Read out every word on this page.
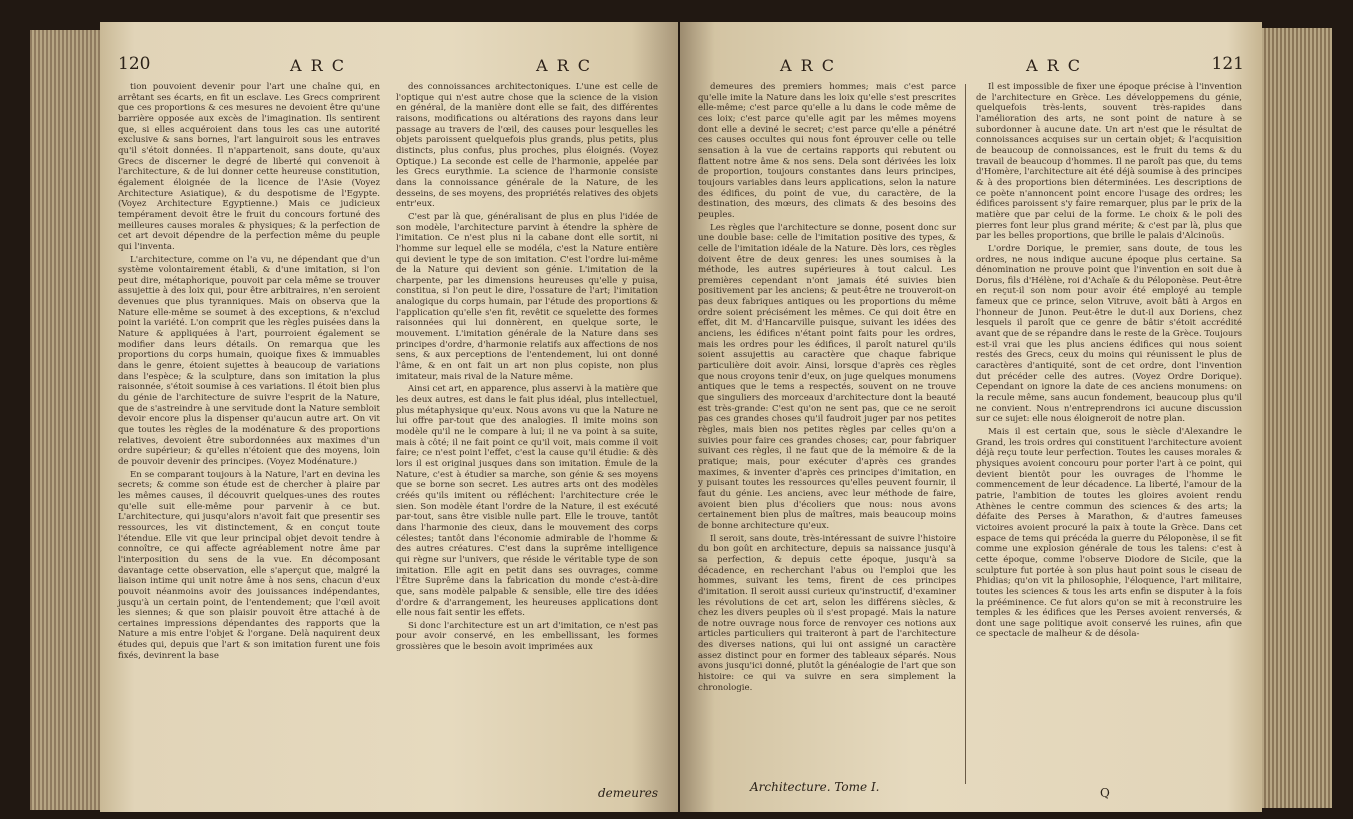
120	A R C	A R C

tion pouvoient devenir pour l'art une chaîne qui, en arrêtant ses écarts, en fit un esclave. Les Grecs comprirent que ces proportions & ces mesures ne devoient être qu'une barrière opposée aux excès de l'imagination. Ils sentirent que, si elles acquéroient dans tous les cas une autorité exclusive & sans bornes, l'art languiroit sous les entraves qu'il s'étoit données. Il n'appartenoit, sans doute, qu'aux Grecs de discerner le degré de liberté qui convenoit à l'architecture, & de lui donner cette heureuse constitution, également éloignée de la licence de l'Asie (Voyez Architecture Asiatique), & du despotisme de l'Egypte. (Voyez Architecture Egyptienne.) Mais ce judicieux tempérament devoit être le fruit du concours fortuné des meilleures causes morales & physiques; & la perfection de cet art devoit dépendre de la perfection même du peuple qui l'inventa.

L'architecture, comme on l'a vu, ne dépendant que d'un système volontairement établi, & d'une imitation, si l'on peut dire, métaphorique, pouvoit par cela même se trouver assujettie à des loix qui, pour être arbitraires, n'en seroient devenues que plus tyranniques. Mais on observa que la Nature elle-même se soumet à des exceptions, & n'exclud point la variété. L'on comprit que les règles puisées dans la Nature & appliquées à l'art, pourroient également se modifier dans leurs détails. On remarqua que les proportions du corps humain, quoique fixes & immuables dans le genre, étoient sujettes à beaucoup de variations dans l'espèce; & la sculpture, dans son imitation la plus raisonnée, s'étoit soumise à ces variations. Il étoit bien plus du génie de l'architecture de suivre l'esprit de la Nature, que de s'astreindre à une servitude dont la Nature sembloit devoir encore plus la dispenser qu'aucun autre art. On vit que toutes les règles de la modénature & des proportions relatives, devoient être subordonnées aux maximes d'un ordre supérieur; & qu'elles n'étoient que des moyens, loin de pouvoir devenir des principes. (Voyez Modénature.)

En se comparant toujours à la Nature, l'art en devina les secrets; & comme son étude est de chercher à plaire par les mêmes causes, il découvrit quelques-unes des routes qu'elle suit elle-même pour parvenir à ce but. L'architecture, qui jusqu'alors n'avoit fait que presentir ses ressources, les vit distinctement, & en conçut toute l'étendue. Elle vit que leur principal objet devoit tendre à connoître, ce qui affecte agréablement notre âme par l'interposition du sens de la vue. En décomposant davantage cette observation, elle s'aperçut que, malgré la liaison intime qui unit notre âme à nos sens, chacun d'eux pouvoit néanmoins avoir des jouissances indépendantes, jusqu'à un certain point, de l'entendement; que l'œil avoit les siennes; & que son plaisir pouvoit être attaché à de certaines impressions dépendantes des rapports que la Nature a mis entre l'objet & l'organe. Delà naquirent deux études qui, depuis que l'art & son imitation furent une fois fixés, devinrent la base

des connoissances architectoniques. L'une est celle de l'optique qui n'est autre chose que la science de la vision en général, de la manière dont elle se fait, des différentes raisons, modifications ou altérations des rayons dans leur passage au travers de l'œil, des causes pour lesquelles les objets paroissent quelquefois plus grands, plus petits, plus distincts, plus confus, plus proches, plus éloignés. (Voyez Optique.) La seconde est celle de l'harmonie, appelée par les Grecs eurythmie. La science de l'harmonie consiste dans la connoissance générale de la Nature, de les desseins, de ses moyens, des propriétés relatives des objets entr'eux.

C'est par là que, généralisant de plus en plus l'idée de son modèle, l'architecture parvint à étendre la sphère de l'imitation. Ce n'est plus ni la cabane dont elle sortit, ni l'homme sur lequel elle se modéla, c'est la Nature entière qui devient le type de son imitation. C'est l'ordre lui-même de la Nature qui devient son génie. L'imitation de la charpente, par les dimensions heureuses qu'elle y puisa, constitua, si l'on peut le dire, l'ossature de l'art; l'imitation analogique du corps humain, par l'étude des proportions & l'application qu'elle s'en fit, revêtit ce squelette des formes raisonnées qui lui donnèrent, en quelque sorte, le mouvement. L'imitation générale de la Nature dans ses principes d'ordre, d'harmonie relatifs aux affections de nos sens, & aux perceptions de l'entendement, lui ont donné l'âme, & en ont fait un art non plus copiste, non plus imitateur, mais rival de la Nature même.

Ainsi cet art, en apparence, plus asservi à la matière que les deux autres, est dans le fait plus idéal, plus intellectuel, plus métaphysique qu'eux. Nous avons vu que la Nature ne lui offre par-tout que des analogies. Il imite moins son modèle qu'il ne le compare à lui; il ne va point à sa suite, mais à côté; il ne fait point ce qu'il voit, mais comme il voit faire; ce n'est point l'effet, c'est la cause qu'il étudie: & dès lors il est original jusques dans son imitation. Émule de la Nature, c'est à étudier sa marche, son génie & ses moyens que se borne son secret. Les autres arts ont des modèles créés qu'ils imitent ou réfléchent: l'architecture crée le sien. Son modèle étant l'ordre de la Nature, il est exécuté par-tout, sans être visible nulle part. Elle le trouve, tantôt dans l'harmonie des cieux, dans le mouvement des corps célestes; tantôt dans l'économie admirable de l'homme & des autres créatures. C'est dans la suprême intelligence qui règne sur l'univers, que réside le véritable type de son imitation. Elle agit en petit dans ses ouvrages, comme l'Être Suprême dans la fabrication du monde c'est-à-dire que, sans modèle palpable & sensible, elle tire des idées d'ordre & d'arrangement, les heureuses applications dont elle nous fait sentir les effets.

Si donc l'architecture est un art d'imitation, ce n'est pas pour avoir conservé, en les embellissant, les formes grossières que le besoin avoit imprimées aux

demeures
A R C	A R C	121

demeures des premiers hommes; mais c'est parce qu'elle imite la Nature dans les loix qu'elle s'est prescrites elle-même; c'est parce qu'elle a lu dans le code même de ces loix; c'est parce qu'elle agit par les mêmes moyens dont elle a deviné le secret; c'est parce qu'elle a pénétré ces causes occultes qui nous font éprouver celle ou telle sensation à la vue de certains rapports qui rebutent ou flattent notre âme & nos sens. Dela sont dérivées les loix de proportion, toujours constantes dans leurs principes, toujours variables dans leurs applications, selon la nature des édifices, du point de vue, du caractère, de la destination, des mœurs, des climats & des besoins des peuples.

Les règles que l'architecture se donne, posent donc sur une double base: celle de l'imitation positive des types, & celle de l'imitation idéale de la Nature. Dès lors, ces règles doivent être de deux genres: les unes soumises à la méthode, les autres supérieures à tout calcul. Les premières cependant n'ont jamais été suivies bien positivement par les anciens; & peut-être ne trouveroit-on pas deux fabriques antiques ou les proportions du même ordre soient précisément les mêmes. Ce qui doit être en effet, dit M. d'Hancarville puisque, suivant les idées des anciens, les édifices n'étant point faits pour les ordres, mais les ordres pour les édifices, il paroît naturel qu'ils soient assujettis au caractère que chaque fabrique particulière doit avoir. Ainsi, lorsque d'après ces règles que nous croyons tenir d'eux, on juge quelques monumens antiques que le tems a respectés, souvent on ne trouve que singuliers des morceaux d'architecture dont la beauté est très-grande: C'est qu'on ne sent pas, que ce ne seroit pas ces grandes choses qu'il faudroit juger par nos petites règles, mais bien nos petites règles par celles qu'on a suivies pour faire ces grandes choses; car, pour fabriquer suivant ces règles, il ne faut que de la mémoire & de la pratique; mais, pour exécuter d'après ces grandes maximes, & inventer d'après ces principes d'imitation, en y puisant toutes les ressources qu'elles peuvent fournir, il faut du génie. Les anciens, avec leur méthode de faire, avoient bien plus d'écoliers que nous: nous avons certainement bien plus de maîtres, mais beaucoup moins de bonne architecture qu'eux.

Il seroit, sans doute, très-intéressant de suivre l'histoire du bon goût en architecture, depuis sa naissance jusqu'à sa perfection, & depuis cette époque, jusqu'à sa décadence, en recherchant l'abus ou l'emploi que les hommes, suivant les tems, firent de ces principes d'imitation. Il seroit aussi curieux qu'instructif, d'examiner les révolutions de cet art, selon les différens siècles, & chez les divers peuples où il s'est propagé. Mais la nature de notre ouvrage nous force de renvoyer ces notions aux articles particuliers qui traiteront à part de l'architecture des diverses nations, qui lui ont assigné un caractère assez distinct pour en former des tableaux séparés. Nous avons jusqu'ici donné, plutôt la généalogie de l'art que son histoire: ce qui va suivre en sera simplement la chronologie.

Il est impossible de fixer une époque précise à l'invention de l'architecture en Grèce. Les développemens du génie, quelquefois très-lents, souvent très-rapides dans l'amélioration des arts, ne sont point de nature à se subordonner à aucune date. Un art n'est que le résultat de connoissances acquises sur un certain objet; & l'acquisition de beaucoup de connoissances, est le fruit du tems & du travail de beaucoup d'hommes. Il ne paroît pas que, du tems d'Homère, l'architecture ait été déjà soumise à des principes & à des proportions bien déterminées. Les descriptions de ce poète n'annoncent point encore l'usage des ordres; les édifices paroissent s'y faire remarquer, plus par le prix de la matière que par celui de la forme. Le choix & le poli des pierres font leur plus grand mérite; & c'est par là, plus que par les belles proportions, que brille le palais d'Alcinoüs.

L'ordre Dorique, le premier, sans doute, de tous les ordres, ne nous indique aucune époque plus certaine. Sa dénomination ne prouve point que l'invention en soit due à Dorus, fils d'Hélène, roi d'Achaïe & du Péloponèse. Peut-être en reçut-il son nom pour avoir été employé au temple fameux que ce prince, selon Vitruve, avoit bâti à Argos en l'honneur de Junon. Peut-être le dut-il aux Doriens, chez lesquels il paroît que ce genre de bâtir s'étoit accrédité avant que de se répandre dans le reste de la Grèce. Toujours est-il vrai que les plus anciens édifices qui nous soient restés des Grecs, ceux du moins qui réunissent le plus de caractères d'antiquité, sont de cet ordre, dont l'invention dut précéder celle des autres. (Voyez Ordre Dorique). Cependant on ignore la date de ces anciens monumens: on la recule même, sans aucun fondement, beaucoup plus qu'il ne convient. Nous n'entreprendrons ici aucune discussion sur ce sujet: elle nous éloigneroit de notre plan.

Mais il est certain que, sous le siècle d'Alexandre le Grand, les trois ordres qui constituent l'architecture avoient déjà reçu toute leur perfection. Toutes les causes morales & physiques avoient concouru pour porter l'art à ce point, qui devient bientôt pour les ouvrages de l'homme le commencement de leur décadence. La liberté, l'amour de la patrie, l'ambition de toutes les gloires avoient rendu Athènes le centre commun des sciences & des arts; la défaite des Perses à Marathon, & d'autres fameuses victoires avoient procuré la paix à toute la Grèce. Dans cet espace de tems qui précéda la guerre du Péloponèse, il se fit comme une explosion générale de tous les talens: c'est à cette époque, comme l'observe Diodore de Sicile, que la sculpture fut portée à son plus haut point sous le ciseau de Phidias; qu'on vit la philosophie, l'éloquence, l'art militaire, toutes les sciences & tous les arts enfin se disputer à la fois la prééminence. Ce fut alors qu'on se mit à reconstruire les temples & les édifices que les Perses avoient renversés, & dont une sage politique avoit conservé les ruines, afin que ce spectacle de malheur & de désola-

Architecture. Tome I.	Q
